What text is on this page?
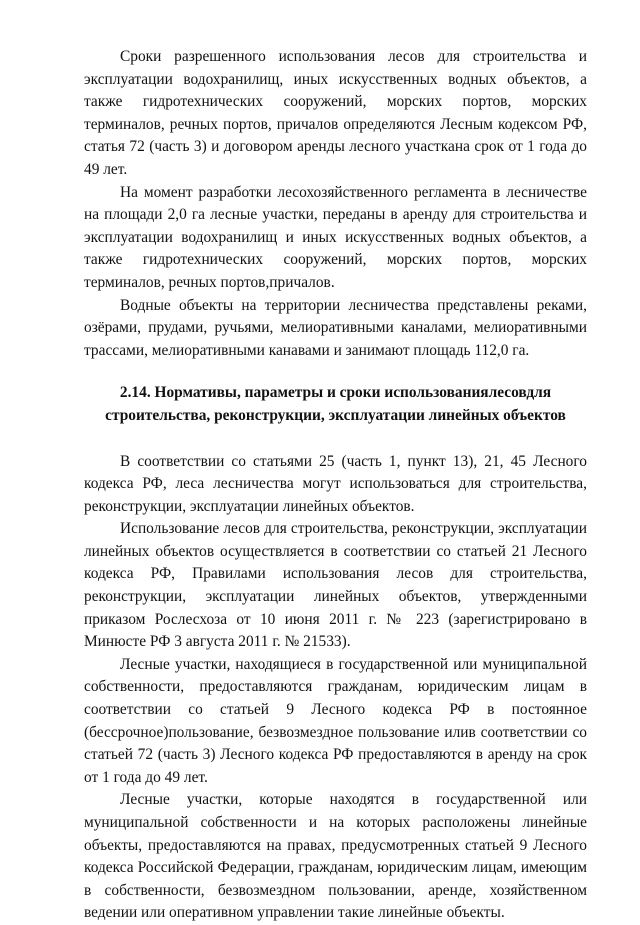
Сроки разрешенного использования лесов для строительства и эксплуатации водохранилищ, иных искусственных водных объектов, а также гидротехнических сооружений, морских портов, морских терминалов, речных портов, причалов определяются Лесным кодексом РФ, статья 72 (часть 3) и договором аренды лесного участкана срок от 1 года до 49 лет.

На момент разработки лесохозяйственного регламента в лесничестве на площади 2,0 га лесные участки, переданы в аренду для строительства и эксплуатации водохранилищ и иных искусственных водных объектов, а также гидротехнических сооружений, морских портов, морских терминалов, речных портов,причалов.

Водные объекты на территории лесничества представлены реками, озёрами, прудами, ручьями, мелиоративными каналами, мелиоративными трассами, мелиоративными канавами и занимают площадь 112,0 га.

2.14. Нормативы, параметры и сроки использованиялесовдля
строительства, реконструкции, эксплуатации линейных объектов

В соответствии со статьями 25 (часть 1, пункт 13), 21, 45 Лесного кодекса РФ, леса лесничества могут использоваться для строительства, реконструкции, эксплуатации линейных объектов.

Использование лесов для строительства, реконструкции, эксплуатации линейных объектов осуществляется в соответствии со статьей 21 Лесного кодекса РФ, Правилами использования лесов для строительства, реконструкции, эксплуатации линейных объектов, утвержденными приказом Рослесхоза от 10 июня 2011 г. № 223 (зарегистрировано в Минюсте РФ 3 августа 2011 г. № 21533).

Лесные участки, находящиеся в государственной или муниципальной собственности, предоставляются гражданам, юридическим лицам в соответствии со статьей 9 Лесного кодекса РФ в постоянное (бессрочное)пользование, безвозмездное пользование илив соответствии со статьей 72 (часть 3) Лесного кодекса РФ предоставляются в аренду на срок от 1 года до 49 лет.

Лесные участки, которые находятся в государственной или муниципальной собственности и на которых расположены линейные объекты, предоставляются на правах, предусмотренных статьей 9 Лесного кодекса Российской Федерации, гражданам, юридическим лицам, имеющим в собственности, безвозмездном пользовании, аренде, хозяйственном ведении или оперативном управлении такие линейные объекты.
